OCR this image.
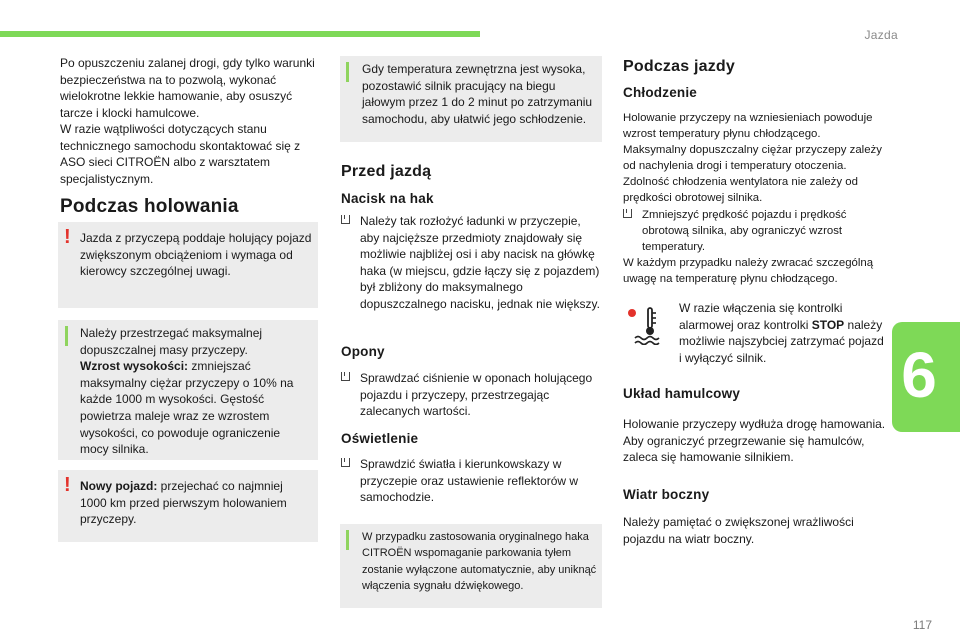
Jazda

Po opuszczeniu zalanej drogi, gdy tylko warunki bezpieczeństwa na to pozwolą, wykonać wielokrotne lekkie hamowanie, aby osuszyć tarcze i klocki hamulcowe.

W razie wątpliwości dotyczących stanu technicznego samochodu skontaktować się z ASO sieci CITROËN albo z warsztatem specjalistycznym.

Podczas holowania
! Jazda z przyczepą poddaje holujący pojazd zwiększonym obciążeniom i wymaga od kierowcy szczególnej uwagi.

Należy przestrzegać maksymalnej dopuszczalnej masy przyczepy.
Wzrost wysokości: zmniejszać maksymalny ciężar przyczepy o 10% na każde 1000 m wysokości. Gęstość powietrza maleje wraz ze wzrostem wysokości, co powoduje ograniczenie mocy silnika.

! Nowy pojazd: przejechać co najmniej 1000 km przed pierwszym holowaniem przyczepy.

Gdy temperatura zewnętrzna jest wysoka, pozostawić silnik pracujący na biegu jałowym przez 1 do 2 minut po zatrzymaniu samochodu, aby ułatwić jego schłodzenie.

Przed jazdą
Nacisk na hak

Należy tak rozłożyć ładunki w przyczepie, aby najcięższe przedmioty znajdowały się możliwie najbliżej osi i aby nacisk na główkę haka (w miejscu, gdzie łączy się z pojazdem) był zbliżony do maksymalnego dopuszczalnego nacisku, jednak nie większy.

Opony

Sprawdzać ciśnienie w oponach holującego pojazdu i przyczepy, przestrzegając zalecanych wartości.

Oświetlenie

Sprawdzić światła i kierunkowskazy w przyczepie oraz ustawienie reflektorów w samochodzie.

W przypadku zastosowania oryginalnego haka CITROËN wspomaganie parkowania tyłem zostanie wyłączone automatycznie, aby uniknąć włączenia sygnału dźwiękowego.

Podczas jazdy
Chłodzenie

Holowanie przyczepy na wzniesieniach powoduje wzrost temperatury płynu chłodzącego.

Maksymalny dopuszczalny ciężar przyczepy zależy od nachylenia drogi i temperatury otoczenia. Zdolność chłodzenia wentylatora nie zależy od prędkości obrotowej silnika.

Zmniejszyć prędkość pojazdu i prędkość obrotową silnika, aby ograniczyć wzrost temperatury.

W każdym przypadku należy zwracać szczególną uwagę na temperaturę płynu chłodzącego.

W razie włączenia się kontrolki alarmowej oraz kontrolki STOP należy możliwie najszybciej zatrzymać pojazd i wyłączyć silnik.

Układ hamulcowy

Holowanie przyczepy wydłuża drogę hamowania. Aby ograniczyć przegrzewanie się hamulców, zaleca się hamowanie silnikiem.

Wiatr boczny

Należy pamiętać o zwiększonej wrażliwości pojazdu na wiatr boczny.

6
117
